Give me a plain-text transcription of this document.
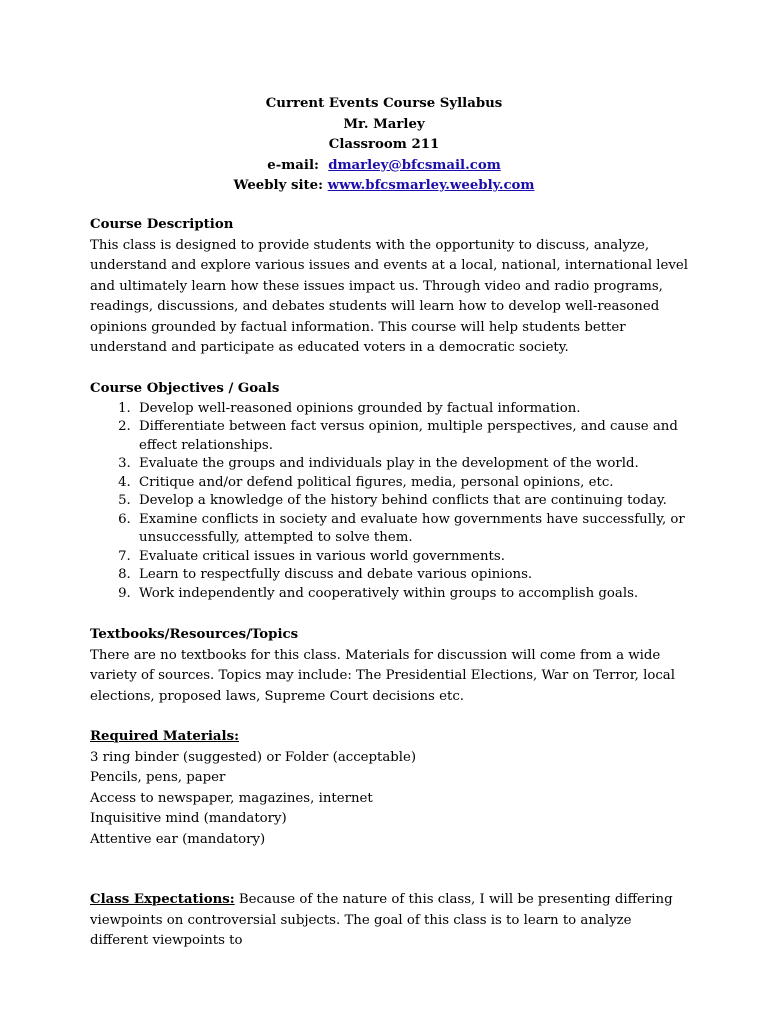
Current Events Course Syllabus
Mr. Marley
Classroom 211
e-mail: dmarley@bfcsmail.com
Weebly site: www.bfcsmarley.weebly.com
Course Description

This class is designed to provide students with the opportunity to discuss, analyze, understand and explore various issues and events at a local, national, international level and ultimately learn how these issues impact us. Through video and radio programs, readings, discussions, and debates students will learn how to develop well-reasoned opinions grounded by factual information. This course will help students better understand and participate as educated voters in a democratic society.

Course Objectives / Goals
1. Develop well-reasoned opinions grounded by factual information.
2. Differentiate between fact versus opinion, multiple perspectives, and cause and effect relationships.
3. Evaluate the groups and individuals play in the development of the world.
4. Critique and/or defend political figures, media, personal opinions, etc.
5. Develop a knowledge of the history behind conflicts that are continuing today.
6. Examine conflicts in society and evaluate how governments have successfully, or unsuccessfully, attempted to solve them.
7. Evaluate critical issues in various world governments.
8. Learn to respectfully discuss and debate various opinions.
9. Work independently and cooperatively within groups to accomplish goals.
Textbooks/Resources/Topics

There are no textbooks for this class. Materials for discussion will come from a wide variety of sources. Topics may include: The Presidential Elections, War on Terror, local elections, proposed laws, Supreme Court decisions etc.

Required Materials:
3 ring binder (suggested) or Folder (acceptable)
Pencils, pens, paper
Access to newspaper, magazines, internet
Inquisitive mind (mandatory)
Attentive ear (mandatory)

Class Expectations: Because of the nature of this class, I will be presenting differing viewpoints on controversial subjects. The goal of this class is to learn to analyze different viewpoints to
